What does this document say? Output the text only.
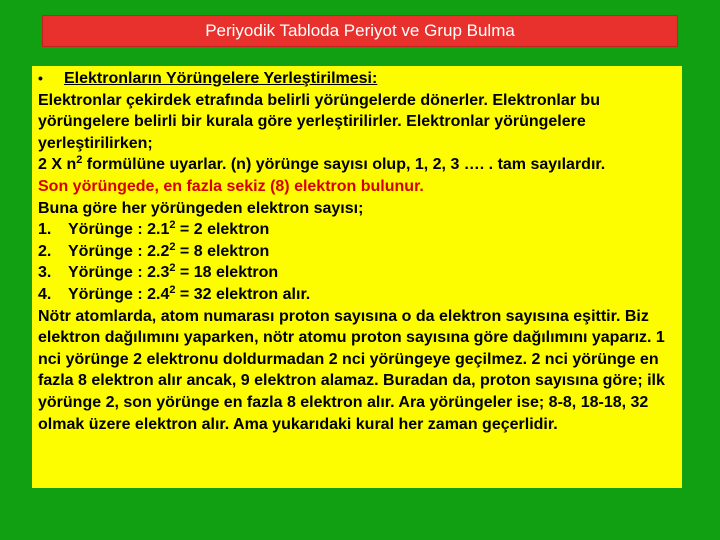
Periyodik Tabloda Periyot ve Grup Bulma
• Elektronların Yörüngelere Yerleştirilmesi:
Elektronlar çekirdek etrafında belirli yörüngelerde dönerler. Elektronlar bu yörüngelere belirli bir kurala göre yerleştirilirler. Elektronlar yörüngelere yerleştirilirken;
2 X $n^2$ formülüne uyarlar. (n) yörünge sayısı olup, 1, 2, 3 …. . tam sayılardır.
Son yörüngede, en fazla sekiz (8) elektron bulunur.
Buna göre her yörüngeden elektron sayısı;
1. Yörünge : $2.1^2 = 2$ elektron
2. Yörünge : $2.2^2 = 8$ elektron
3. Yörünge : $2.3^2 = 18$ elektron
4. Yörünge : $2.4^2 = 32$ elektron alır.
Nötr atomlarda, atom numarası proton sayısına o da elektron sayısına eşittir. Biz elektron dağılımını yaparken, nötr atomu proton sayısına göre dağılımını yaparız. 1 nci yörünge 2 elektronu doldurmadan 2 nci yörüngeye geçilmez. 2 nci yörünge en fazla 8 elektron alır ancak, 9 elektron alamaz. Buradan da, proton sayısına göre; ilk yörünge 2, son yörünge en fazla 8 elektron alır. Ara yörüngeler ise; 8-8, 18-18, 32 olmak üzere elektron alır. Ama yukarıdaki kural her zaman geçerlidir.
